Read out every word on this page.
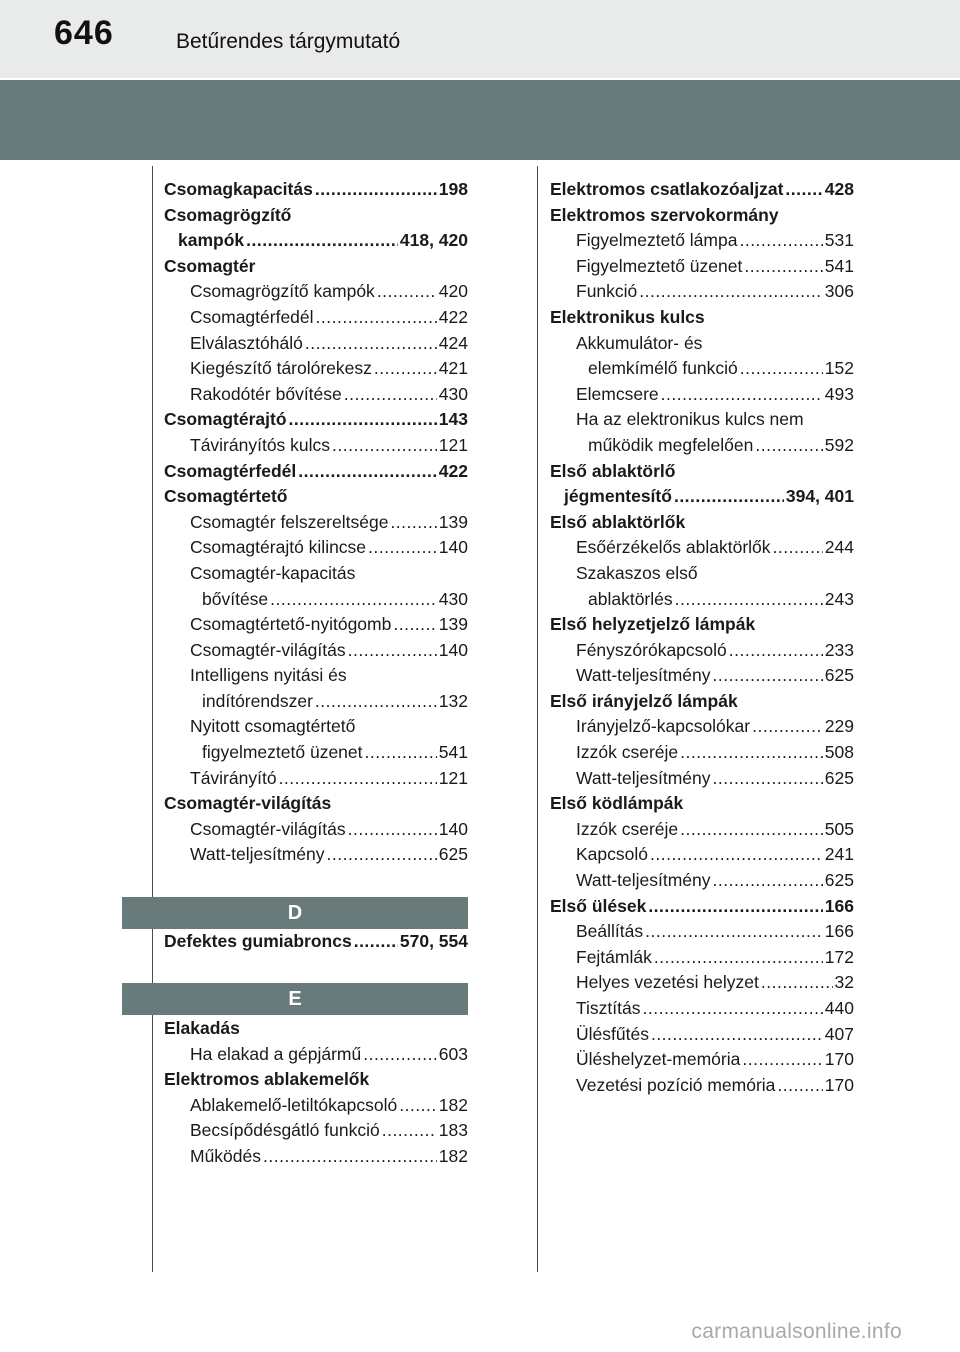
646	Betűrendes tárgymutató
Csomagkapacitás .....	198
Csomagrögzítő
kampók .....	418, 420
Csomagtér
Csomagrögzítő kampók .....	420
Csomagtérfedél .....	422
Elválasztóháló .....	424
Kiegészítő tárolórekesz .....	421
Rakodótér bővítése .....	430
Csomagtérajtó .....	143
Távirányítós kulcs .....	121
Csomagtérfedél .....	422
Csomagtértető
Csomagtér felszereltsége .....	139
Csomagtérajtó kilincse .....	140
Csomagtér-kapacitás
bővítése .....	430
Csomagtértető-nyitógomb .....	139
Csomagtér-világítás .....	140
Intelligens nyitási és
indítórendszer .....	132
Nyitott csomagtértető
figyelmeztető üzenet .....	541
Távirányító .....	121
Csomagtér-világítás
Csomagtér-világítás .....	140
Watt-teljesítmény .....	625
D
Defektes gumiabroncs .....	570, 554
E
Elakadás
Ha elakad a gépjármű .....	603
Elektromos ablakemelők
Ablakemelő-letiltókapcsoló ..... 182
Becsípődésgátló funkció .....	183
Működés .....	182
Elektromos csatlakozóaljzat ..... 428
Elektromos szervokormány
Figyelmeztető lámpa .....	531
Figyelmeztető üzenet .....	541
Funkció .....	306
Elektronikus kulcs
Akkumulátor- és
elemkímélő funkció .....	152
Elemcsere .....	493
Ha az elektronikus kulcs nem
működik megfelelően .....	592
Első ablaktörlő
jégmentesítő .....	394, 401
Első ablaktörlők
Esőérzékelős ablaktörlők .....	244
Szakaszos első
ablaktörlés .....	243
Első helyzetjelző lámpák
Fényszórókapcsoló .....	233
Watt-teljesítmény .....	625
Első irányjelző lámpák
Irányjelző-kapcsolókar .....	229
Izzók cseréje .....	508
Watt-teljesítmény .....	625
Első ködlámpák
Izzók cseréje .....	505
Kapcsoló .....	241
Watt-teljesítmény .....	625
Első ülések .....	166
Beállítás .....	166
Fejtámlák .....	172
Helyes vezetési helyzet .....	32
Tisztítás .....	440
Ülésfűtés .....	407
Üléshelyzet-memória .....	170
Vezetési pozíció memória .....	170
carmanualsonline.info
